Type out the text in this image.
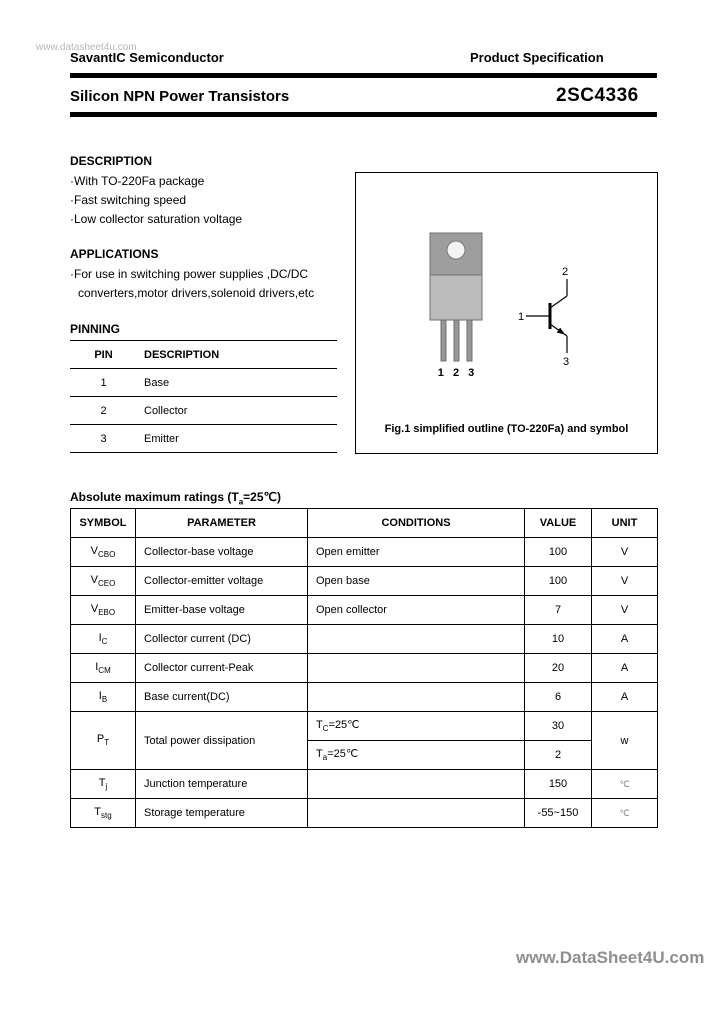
www.datasheet4u.com
SavantIC Semiconductor	Product Specification
Silicon NPN Power Transistors	2SC4336
DESCRIPTION
·With TO-220Fa package
·Fast switching speed
·Low collector saturation voltage
APPLICATIONS
·For use in switching power supplies ,DC/DC
converters,motor drivers,solenoid drivers,etc
PINNING
PIN	DESCRIPTION
1	Base
2	Collector
3	Emitter
1 2 3
2
1
3
Fig.1 simplified outline (TO-220Fa) and symbol
Absolute maximum ratings $(T_a=25℃)$
SYMBOL	PARAMETER	CONDITIONS	VALUE	UNIT
$V_{CBO}$	Collector-base voltage	Open emitter	100	V
$V_{CEO}$	Collector-emitter voltage	Open base	100	V
$V_{EBO}$	Emitter-base voltage	Open collector	7	V
$I_C$	Collector current (DC)		10	A
$I_{CM}$	Collector current-Peak		20	A
$I_B$	Base current(DC)		6	A
$P_T$	Total power dissipation	$T_C=25℃$	30	w
		$T_a=25℃$	2	
$T_j$	Junction temperature		150	℃
$T_{stg}$	Storage temperature		-55~150	℃
www.DataSheet4U.com
